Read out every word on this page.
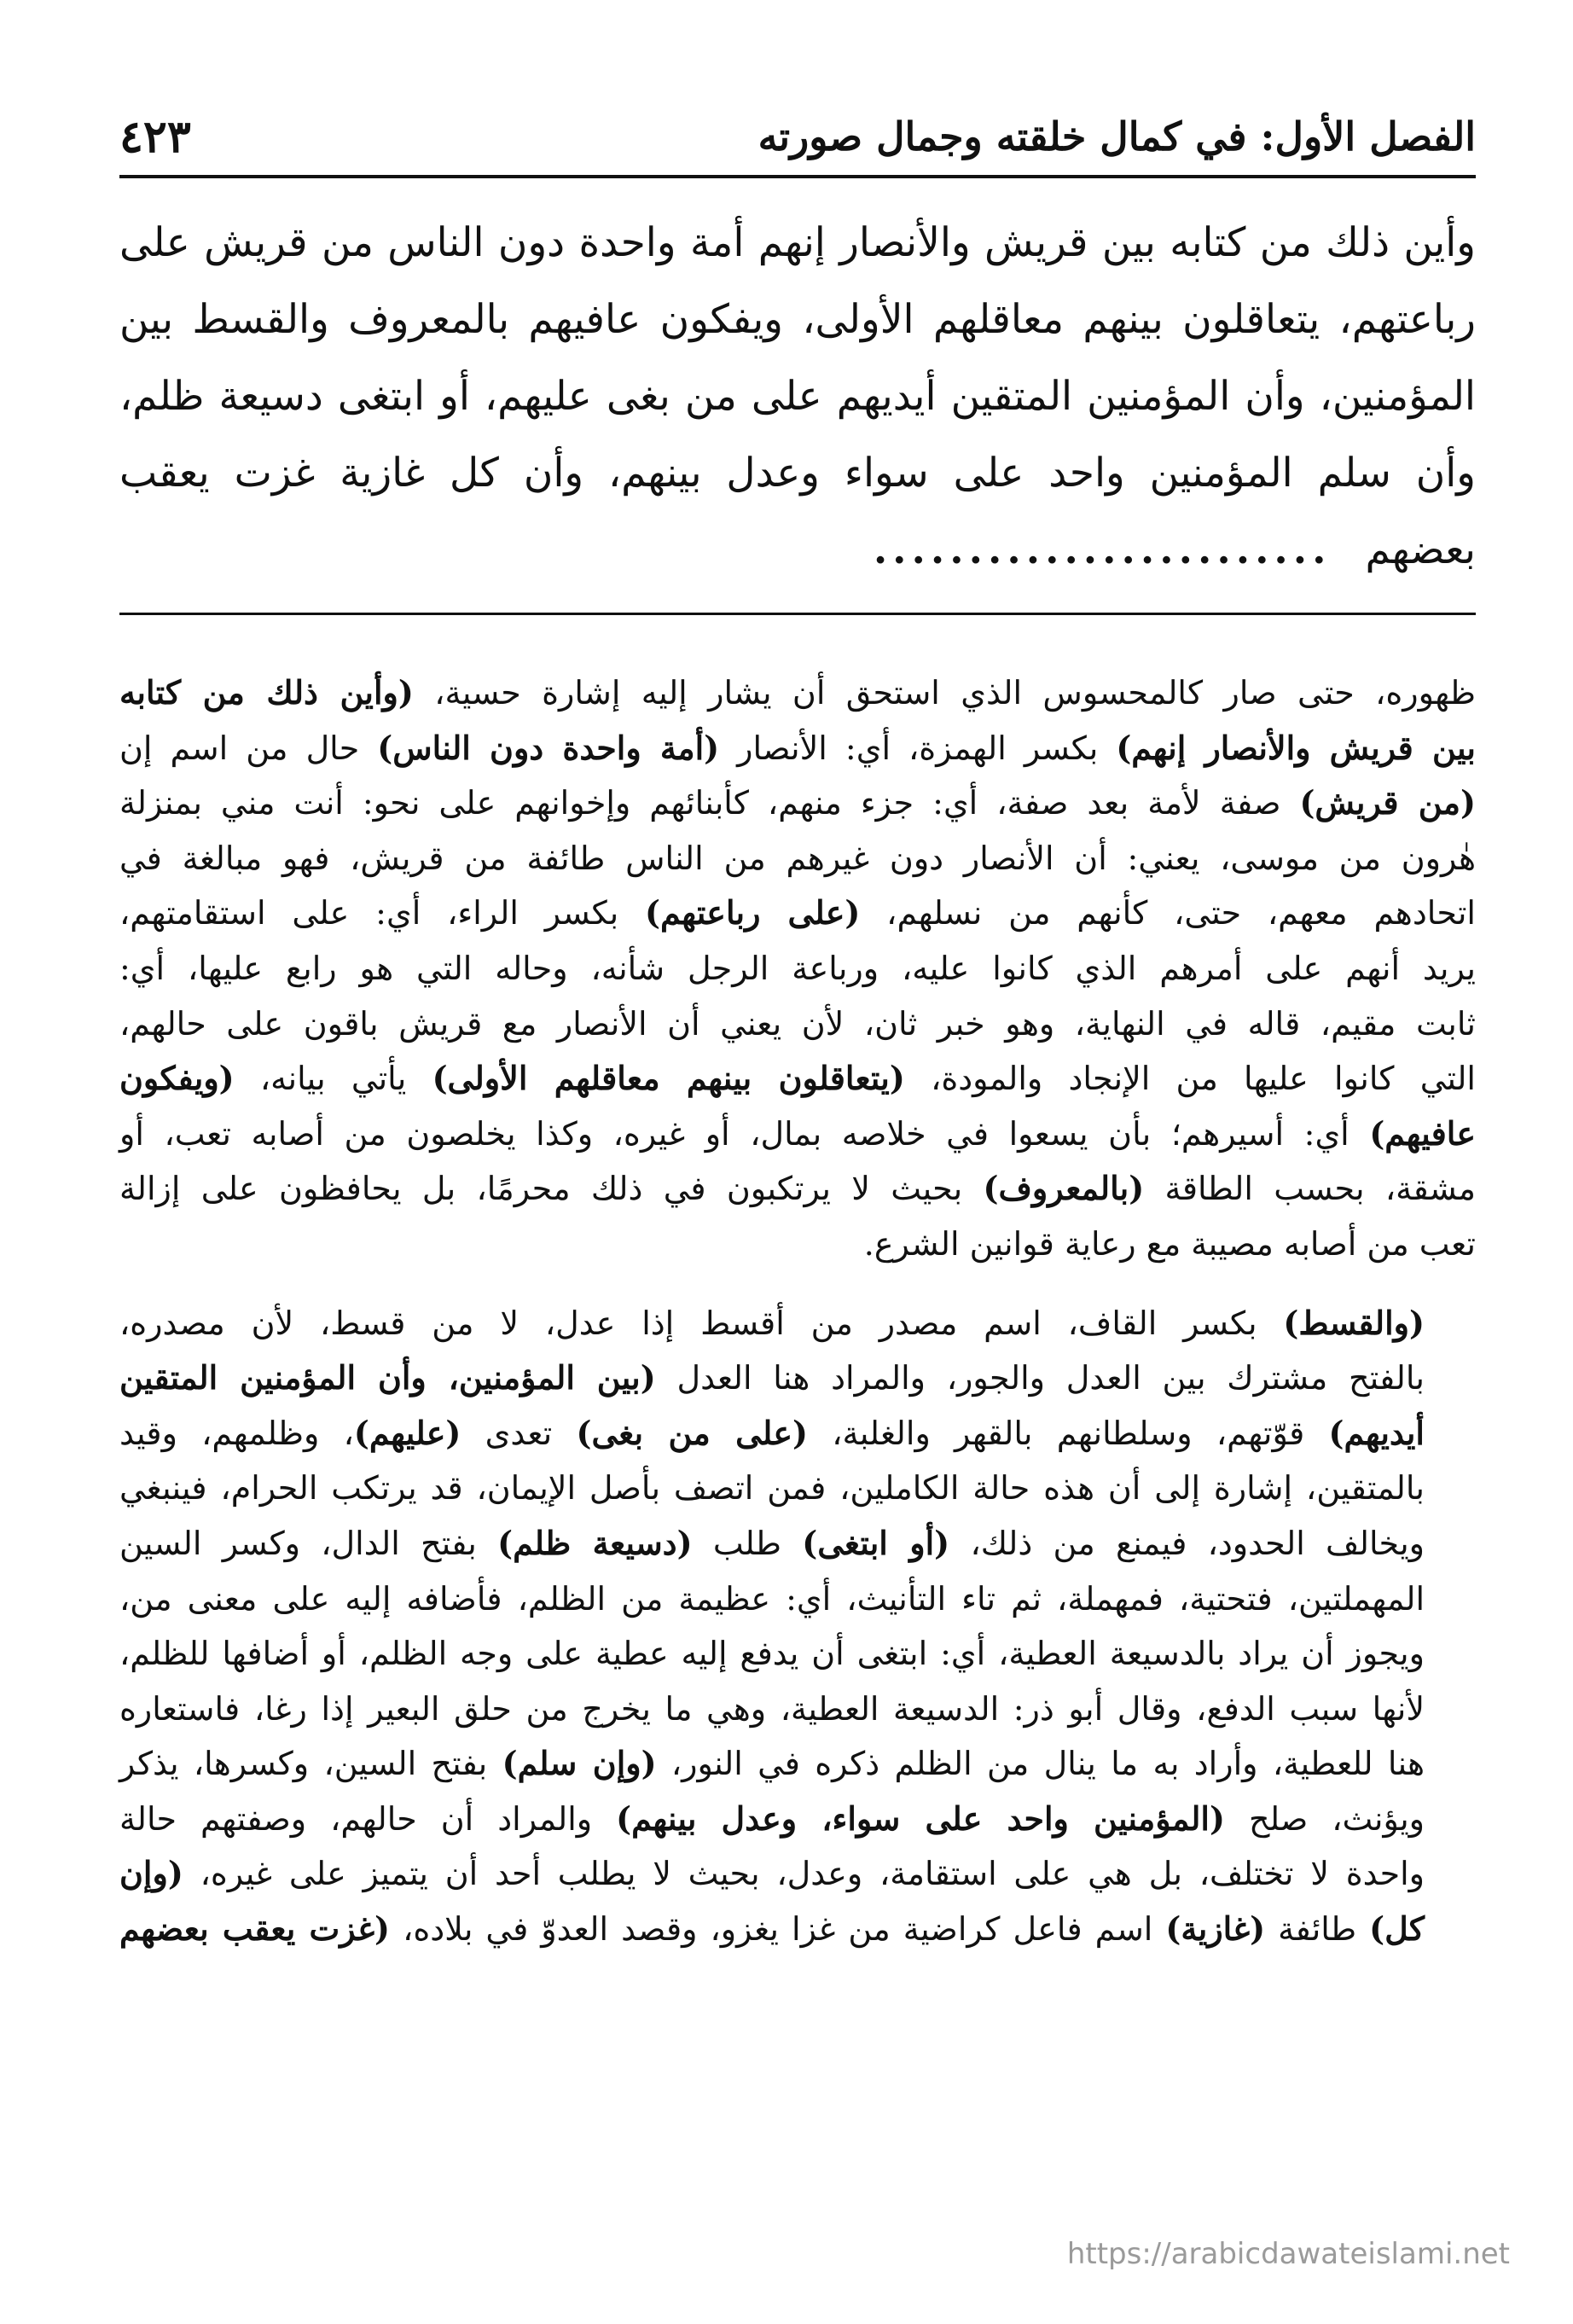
الفصل الأول: في كمال خلقته وجمال صورته
٤٢٣
وأين ذلك من كتابه بين قريش والأنصار إنهم أمة واحدة دون الناس من قريش على
رباعتهم، يتعاقلون بينهم معاقلهم الأولى، ويفكون عافيهم بالمعروف والقسط بين
المؤمنين، وأن المؤمنين المتقين أيديهم على من بغى عليهم، أو ابتغى دسيعة ظلم،
وأن سلم المؤمنين واحد على سواء وعدل بينهم، وأن كل غازية غزت يعقب
بعضهم........................

ظهوره، حتى صار كالمحسوس الذي استحق أن يشار إليه إشارة حسية، (وأين ذلك من كتابه
بين قريش والأنصار إنهم) بكسر الهمزة، أي: الأنصار (أمة واحدة دون الناس) حال من اسم إن
(من قريش) صفة لأمة بعد صفة، أي: جزء منهم، كأبنائهم وإخوانهم على نحو: أنت مني بمنزلة
هٰرون من موسى، يعني: أن الأنصار دون غيرهم من الناس طائفة من قريش، فهو مبالغة في
اتحادهم معهم، حتى، كأنهم من نسلهم، (على رباعتهم) بكسر الراء، أي: على استقامتهم،
يريد أنهم على أمرهم الذي كانوا عليه، ورباعة الرجل شأنه، وحاله التي هو رابع عليها، أي:
ثابت مقيم، قاله في النهاية، وهو خبر ثان، لأن يعني أن الأنصار مع قريش باقون على حالهم،
التي كانوا عليها من الإنجاد والمودة، (يتعاقلون بينهم معاقلهم الأولى) يأتي بيانه، (ويفكون
عافيهم) أي: أسيرهم؛ بأن يسعوا في خلاصه بمال، أو غيره، وكذا يخلصون من أصابه تعب، أو
مشقة، بحسب الطاقة (بالمعروف) بحيث لا يرتكبون في ذلك محرمًا، بل يحافظون على إزالة
تعب من أصابه مصيبة مع رعاية قوانين الشرع.

(والقسط) بكسر القاف، اسم مصدر من أقسط إذا عدل، لا من قسط، لأن مصدره،
بالفتح مشترك بين العدل والجور، والمراد هنا العدل (بين المؤمنين، وأن المؤمنين المتقين
أيديهم) قوّتهم، وسلطانهم بالقهر والغلبة، (على من بغى) تعدى (عليهم)، وظلمهم، وقيد
بالمتقين، إشارة إلى أن هذه حالة الكاملين، فمن اتصف بأصل الإيمان، قد يرتكب الحرام، فينبغي
ويخالف الحدود، فيمنع من ذلك، (أو ابتغى) طلب (دسيعة ظلم) بفتح الدال، وكسر السين
المهملتين، فتحتية، فمهملة، ثم تاء التأنيث، أي: عظيمة من الظلم، فأضافه إليه على معنى من،
ويجوز أن يراد بالدسيعة العطية، أي: ابتغى أن يدفع إليه عطية على وجه الظلم، أو أضافها للظلم،
لأنها سبب الدفع، وقال أبو ذر: الدسيعة العطية، وهي ما يخرج من حلق البعير إذا رغا، فاستعاره
هنا للعطية، وأراد به ما ينال من الظلم ذكره في النور، (وإن سلم) بفتح السين، وكسرها، يذكر
ويؤنث، صلح (المؤمنين واحد على سواء، وعدل بينهم) والمراد أن حالهم، وصفتهم حالة
واحدة لا تختلف، بل هي على استقامة، وعدل، بحيث لا يطلب أحد أن يتميز على غيره، (وإن
كل) طائفة (غازية) اسم فاعل كراضية من غزا يغزو، وقصد العدوّ في بلاده، (غزت يعقب بعضهم

https://arabicdawateislami.net
